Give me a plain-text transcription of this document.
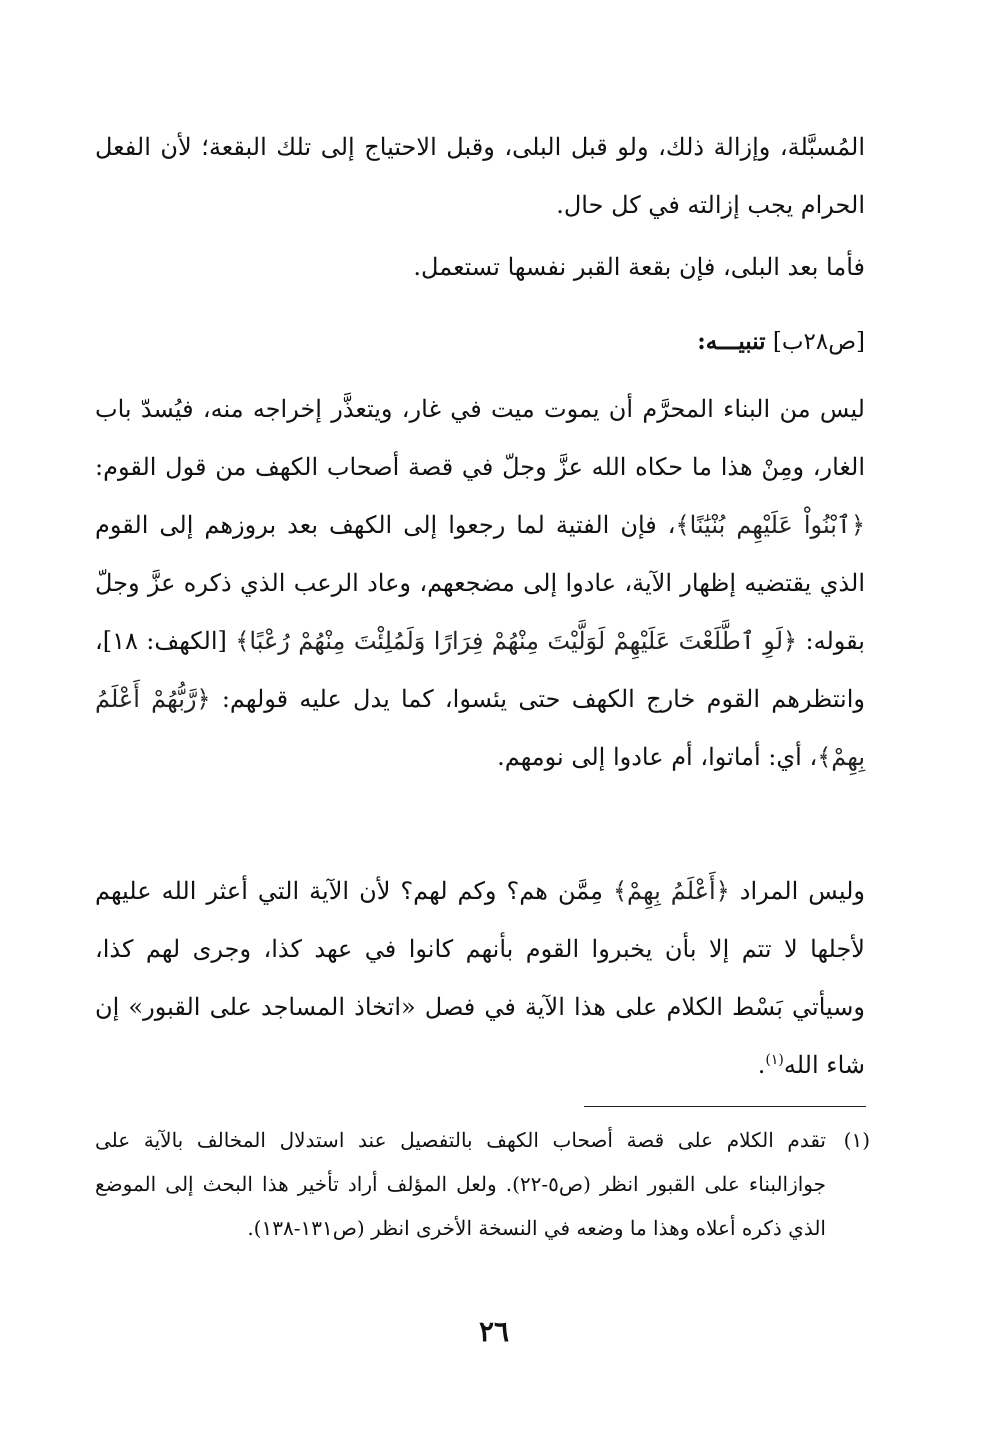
المُسبَّلة، وإزالة ذلك، ولو قبل البلى، وقبل الاحتياج إلى تلك البقعة؛ لأن الفعل الحرام يجب إزالته في كل حال.

فأما بعد البلى، فإن بقعة القبر نفسها تستعمل.

[ص٢٨ب] تنبيـــه:

ليس من البناء المحرَّم أن يموت ميت في غار، ويتعذَّر إخراجه منه، فيُسدّ باب الغار، ومِنْ هذا ما حكاه الله عزَّ وجلّ في قصة أصحاب الكهف من قول القوم: ﴿ٱبْنُواْ عَلَيْهِم بُنْيَٰنًا﴾، فإن الفتية لما رجعوا إلى الكهف بعد بروزهم إلى القوم الذي يقتضيه إظهار الآية، عادوا إلى مضجعهم، وعاد الرعب الذي ذكره عزَّ وجلّ بقوله: ﴿لَوِ ٱطَّلَعْتَ عَلَيْهِمْ لَوَلَّيْتَ مِنْهُمْ فِرَارًا وَلَمُلِئْتَ مِنْهُمْ رُعْبًا﴾ [الكهف: ١٨]، وانتظرهم القوم خارج الكهف حتى يئسوا، كما يدل عليه قولهم: ﴿رَّبُّهُمْ أَعْلَمُ بِهِمْ﴾، أي: أماتوا، أم عادوا إلى نومهم.

وليس المراد ﴿أَعْلَمُ بِهِمْ﴾ مِمَّن هم؟ وكم لهم؟ لأن الآية التي أعثر الله عليهم لأجلها لا تتم إلا بأن يخبروا القوم بأنهم كانوا في عهد كذا، وجرى لهم كذا، وسيأتي بَسْط الكلام على هذا الآية في فصل «اتخاذ المساجد على القبور» إن شاء الله$^{(١)}$.

(١)
تقدم الكلام على قصة أصحاب الكهف بالتفصيل عند استدلال المخالف بالآية على جوازالبناء على القبور انظر (ص٥-٢٢). ولعل المؤلف أراد تأخير هذا البحث إلى الموضع الذي ذكره أعلاه وهذا ما وضعه في النسخة الأخرى انظر (ص١٣١-١٣٨).
٢٦
